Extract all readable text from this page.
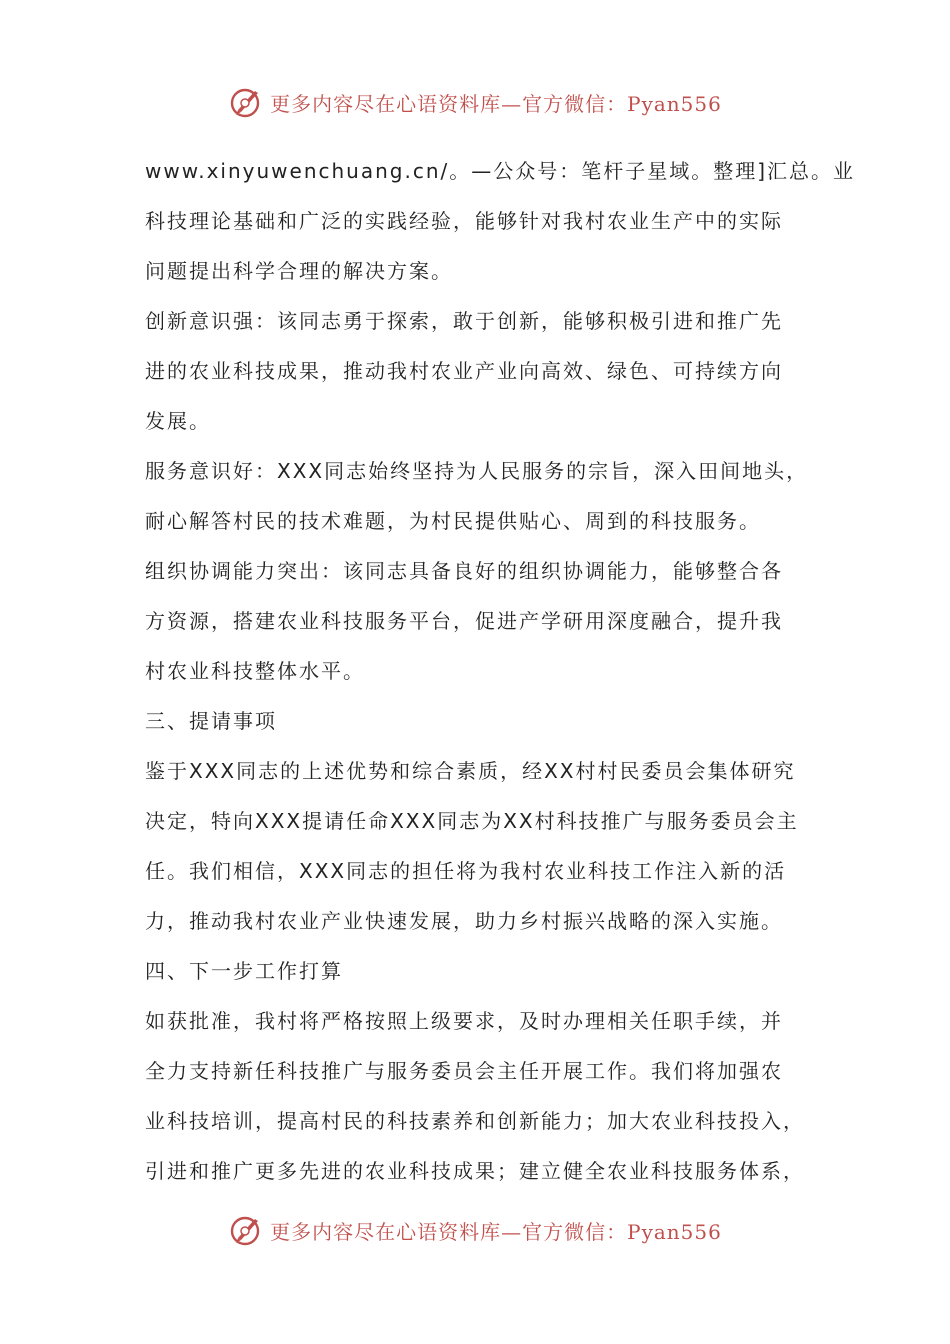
更多内容尽在心语资料库—官方微信：Pyan556

www.xinyuwenchuang.cn/。—公众号：笔杆子星域。整理]汇总。业

科技理论基础和广泛的实践经验，能够针对我村农业生产中的实际

问题提出科学合理的解决方案。

创新意识强：该同志勇于探索，敢于创新，能够积极引进和推广先

进的农业科技成果，推动我村农业产业向高效、绿色、可持续方向

发展。

服务意识好：XXX同志始终坚持为人民服务的宗旨，深入田间地头，

耐心解答村民的技术难题，为村民提供贴心、周到的科技服务。

组织协调能力突出：该同志具备良好的组织协调能力，能够整合各

方资源，搭建农业科技服务平台，促进产学研用深度融合，提升我

村农业科技整体水平。

三、提请事项

鉴于XXX同志的上述优势和综合素质，经XX村村民委员会集体研究

决定，特向XXX提请任命XXX同志为XX村科技推广与服务委员会主

任。我们相信，XXX同志的担任将为我村农业科技工作注入新的活

力，推动我村农业产业快速发展，助力乡村振兴战略的深入实施。

四、下一步工作打算

如获批准，我村将严格按照上级要求，及时办理相关任职手续，并

全力支持新任科技推广与服务委员会主任开展工作。我们将加强农

业科技培训，提高村民的科技素养和创新能力；加大农业科技投入，

引进和推广更多先进的农业科技成果；建立健全农业科技服务体系，

更多内容尽在心语资料库—官方微信：Pyan556
